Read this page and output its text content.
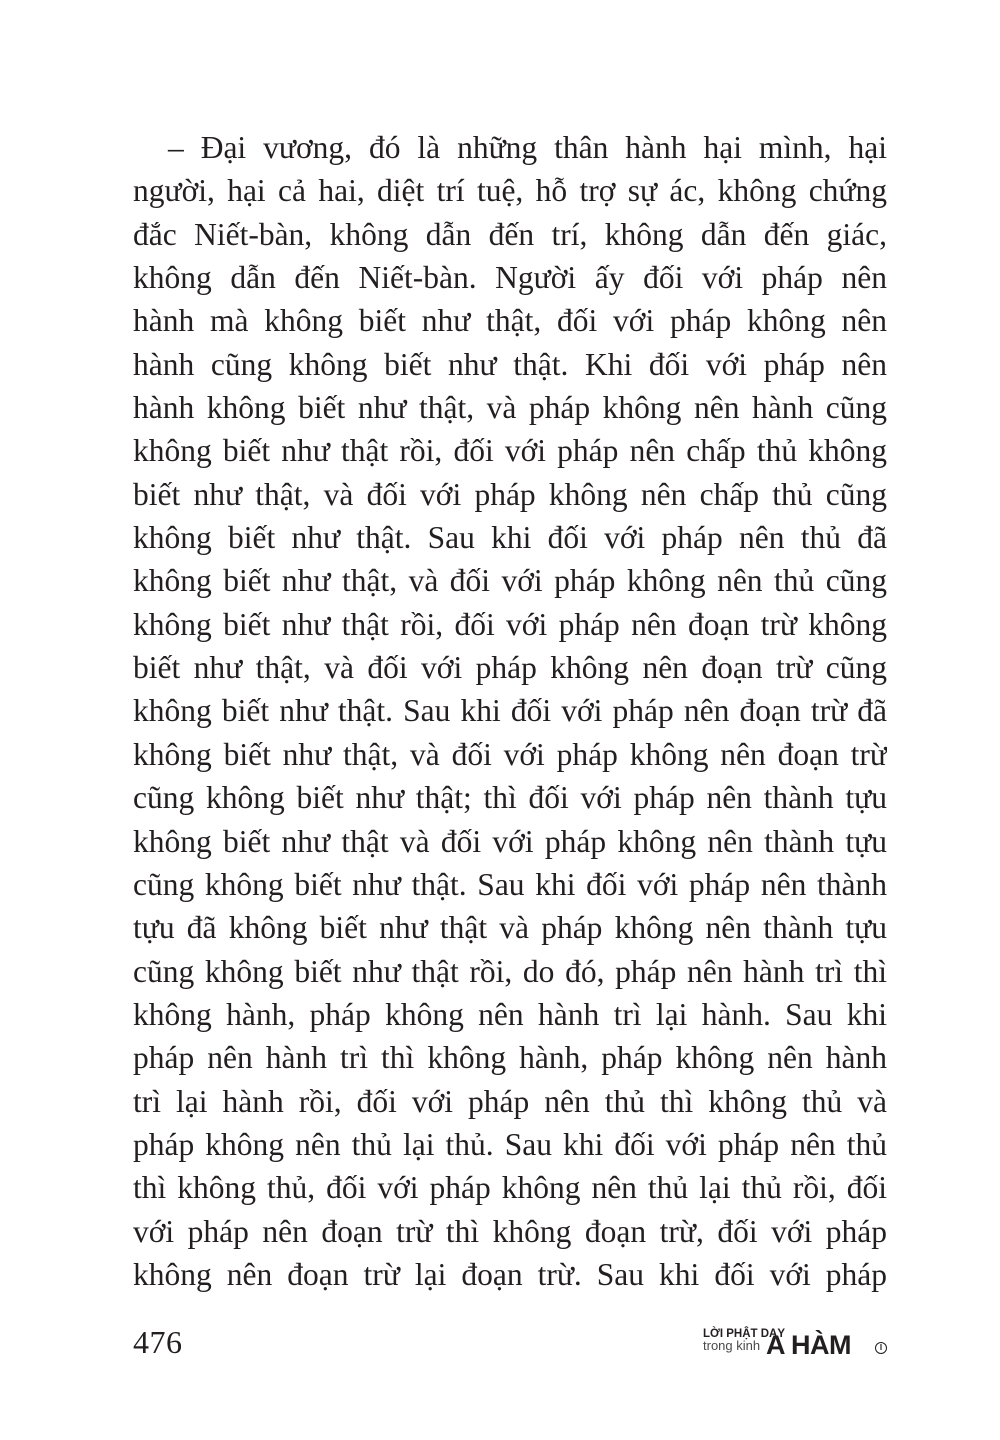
– Đại vương, đó là những thân hành hại mình, hại
người, hại cả hai, diệt trí tuệ, hỗ trợ sự ác, không chứng
đắc Niết-bàn, không dẫn đến trí, không dẫn đến giác,
không dẫn đến Niết-bàn. Người ấy đối với pháp nên
hành mà không biết như thật, đối với pháp không nên
hành cũng không biết như thật. Khi đối với pháp nên
hành không biết như thật, và pháp không nên hành cũng
không biết như thật rồi, đối với pháp nên chấp thủ không
biết như thật, và đối với pháp không nên chấp thủ cũng
không biết như thật. Sau khi đối với pháp nên thủ đã
không biết như thật, và đối với pháp không nên thủ cũng
không biết như thật rồi, đối với pháp nên đoạn trừ không
biết như thật, và đối với pháp không nên đoạn trừ cũng
không biết như thật. Sau khi đối với pháp nên đoạn trừ đã
không biết như thật, và đối với pháp không nên đoạn trừ
cũng không biết như thật; thì đối với pháp nên thành tựu
không biết như thật và đối với pháp không nên thành tựu
cũng không biết như thật. Sau khi đối với pháp nên thành
tựu đã không biết như thật và pháp không nên thành tựu
cũng không biết như thật rồi, do đó, pháp nên hành trì thì
không hành, pháp không nên hành trì lại hành. Sau khi
pháp nên hành trì thì không hành, pháp không nên hành
trì lại hành rồi, đối với pháp nên thủ thì không thủ và
pháp không nên thủ lại thủ. Sau khi đối với pháp nên thủ
thì không thủ, đối với pháp không nên thủ lại thủ rồi, đối
với pháp nên đoạn trừ thì không đoạn trừ, đối với pháp
không nên đoạn trừ lại đoạn trừ. Sau khi đối với pháp
476	LỜI PHẬT DẠY
trong kinh A HÀM	I
